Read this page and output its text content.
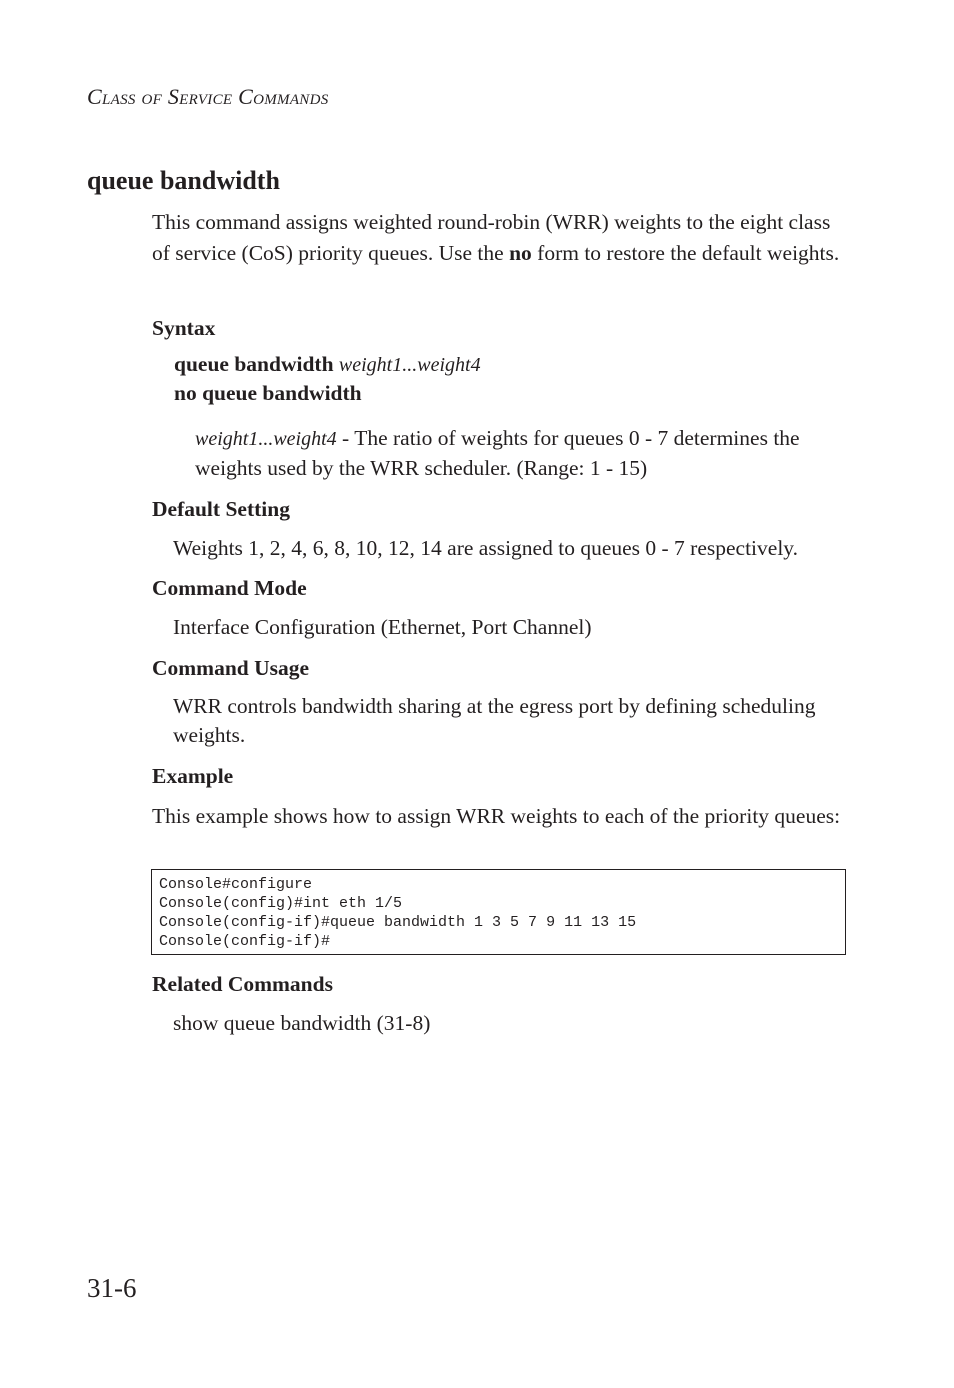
Class of Service Commands
queue bandwidth
This command assigns weighted round-robin (WRR) weights to the eight class of service (CoS) priority queues. Use the no form to restore the default weights.
Syntax
queue bandwidth weight1...weight4
no queue bandwidth
weight1...weight4 - The ratio of weights for queues 0 - 7 determines the weights used by the WRR scheduler. (Range: 1 - 15)
Default Setting
Weights 1, 2, 4, 6, 8, 10, 12, 14 are assigned to queues 0 - 7 respectively.
Command Mode
Interface Configuration (Ethernet, Port Channel)
Command Usage
WRR controls bandwidth sharing at the egress port by defining scheduling weights.
Example
This example shows how to assign WRR weights to each of the priority queues:
Console#configure
Console(config)#int eth 1/5
Console(config-if)#queue bandwidth 1 3 5 7 9 11 13 15
Console(config-if)#
Related Commands
show queue bandwidth (31-8)
31-6
